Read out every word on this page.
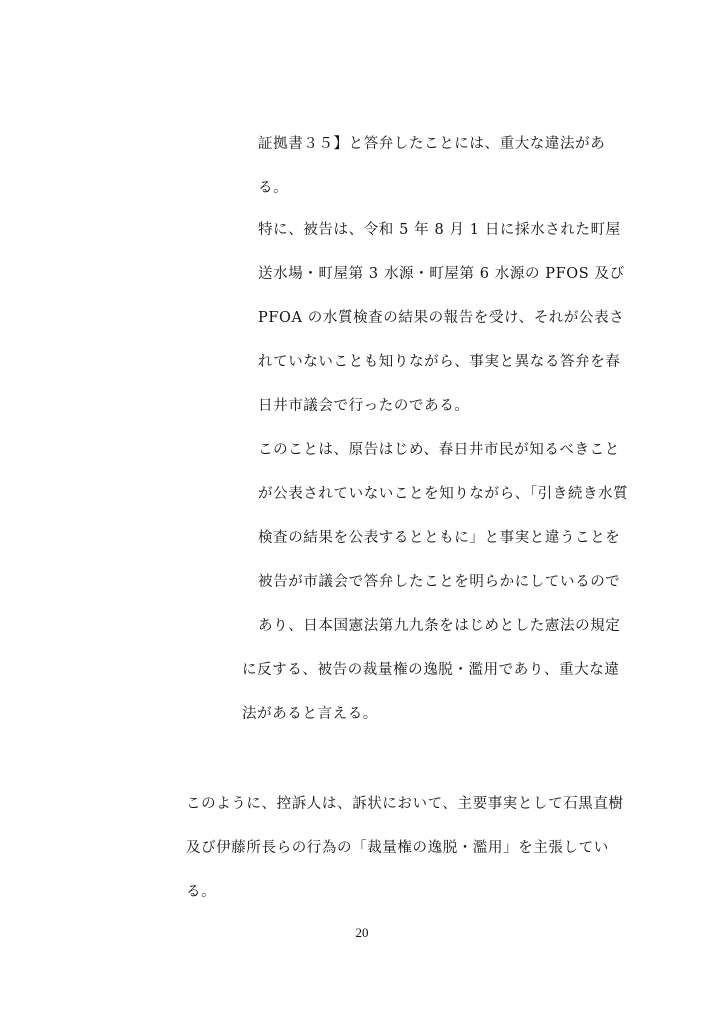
証拠書３５】と答弁したことには、重大な違法があ
る。
特に、被告は、令和 5 年 8 月 1 日に採水された町屋
送水場・町屋第 3 水源・町屋第 6 水源の PFOS 及び
PFOA の水質検査の結果の報告を受け、それが公表さ
れていないことも知りながら、事実と異なる答弁を春
日井市議会で行ったのである。
このことは、原告はじめ、春日井市民が知るべきこと
が公表されていないことを知りながら、「引き続き水質
検査の結果を公表するとともに」と事実と違うことを
被告が市議会で答弁したことを明らかにしているので
あり、日本国憲法第九九条をはじめとした憲法の規定
に反する、被告の裁量権の逸脱・濫用であり、重大な違
法があると言える。
このように、控訴人は、訴状において、主要事実として石黒直樹
及び伊藤所長らの行為の「裁量権の逸脱・濫用」を主張してい
る。
20
